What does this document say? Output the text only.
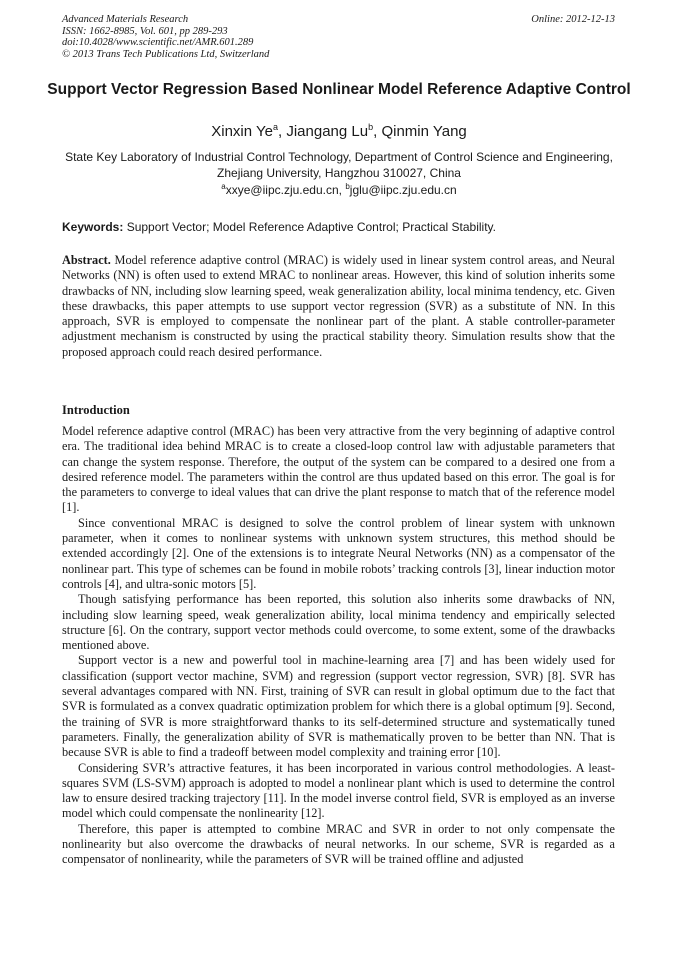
Advanced Materials Research
ISSN: 1662-8985, Vol. 601, pp 289-293
doi:10.4028/www.scientific.net/AMR.601.289
© 2013 Trans Tech Publications Ltd, Switzerland
Online: 2012-12-13
Support Vector Regression Based Nonlinear Model Reference Adaptive Control
Xinxin Ye$^a$, Jiangang Lu$^b$, Qinmin Yang
State Key Laboratory of Industrial Control Technology, Department of Control Science and Engineering, Zhejiang University, Hangzhou 310027, China
$^a$xxye@iipc.zju.edu.cn, $^b$jglu@iipc.zju.edu.cn
Keywords: Support Vector; Model Reference Adaptive Control; Practical Stability.
Abstract. Model reference adaptive control (MRAC) is widely used in linear system control areas, and Neural Networks (NN) is often used to extend MRAC to nonlinear areas. However, this kind of solution inherits some drawbacks of NN, including slow learning speed, weak generalization ability, local minima tendency, etc. Given these drawbacks, this paper attempts to use support vector regression (SVR) as a substitute of NN. In this approach, SVR is employed to compensate the nonlinear part of the plant. A stable controller-parameter adjustment mechanism is constructed by using the practical stability theory. Simulation results show that the proposed approach could reach desired performance.
Introduction

Model reference adaptive control (MRAC) has been very attractive from the very beginning of adaptive control era. The traditional idea behind MRAC is to create a closed-loop control law with adjustable parameters that can change the system response. Therefore, the output of the system can be compared to a desired one from a desired reference model. The parameters within the control are thus updated based on this error. The goal is for the parameters to converge to ideal values that can drive the plant response to match that of the reference model [1].

Since conventional MRAC is designed to solve the control problem of linear system with unknown parameter, when it comes to nonlinear systems with unknown system structures, this method should be extended accordingly [2]. One of the extensions is to integrate Neural Networks (NN) as a compensator of the nonlinear part. This type of schemes can be found in mobile robots’ tracking controls [3], linear induction motor controls [4], and ultra-sonic motors [5].

Though satisfying performance has been reported, this solution also inherits some drawbacks of NN, including slow learning speed, weak generalization ability, local minima tendency and empirically selected structure [6]. On the contrary, support vector methods could overcome, to some extent, some of the drawbacks mentioned above.

Support vector is a new and powerful tool in machine-learning area [7] and has been widely used for classification (support vector machine, SVM) and regression (support vector regression, SVR) [8]. SVR has several advantages compared with NN. First, training of SVR can result in global optimum due to the fact that SVR is formulated as a convex quadratic optimization problem for which there is a global optimum [9]. Second, the training of SVR is more straightforward thanks to its self-determined structure and systematically tuned parameters. Finally, the generalization ability of SVR is mathematically proven to be better than NN. That is because SVR is able to find a tradeoff between model complexity and training error [10].

Considering SVR’s attractive features, it has been incorporated in various control methodologies. A least-squares SVM (LS-SVM) approach is adopted to model a nonlinear plant which is used to determine the control law to ensure desired tracking trajectory [11]. In the model inverse control field, SVR is employed as an inverse model which could compensate the nonlinearity [12].

Therefore, this paper is attempted to combine MRAC and SVR in order to not only compensate the nonlinearity but also overcome the drawbacks of neural networks. In our scheme, SVR is regarded as a compensator of nonlinearity, while the parameters of SVR will be trained offline and adjusted
